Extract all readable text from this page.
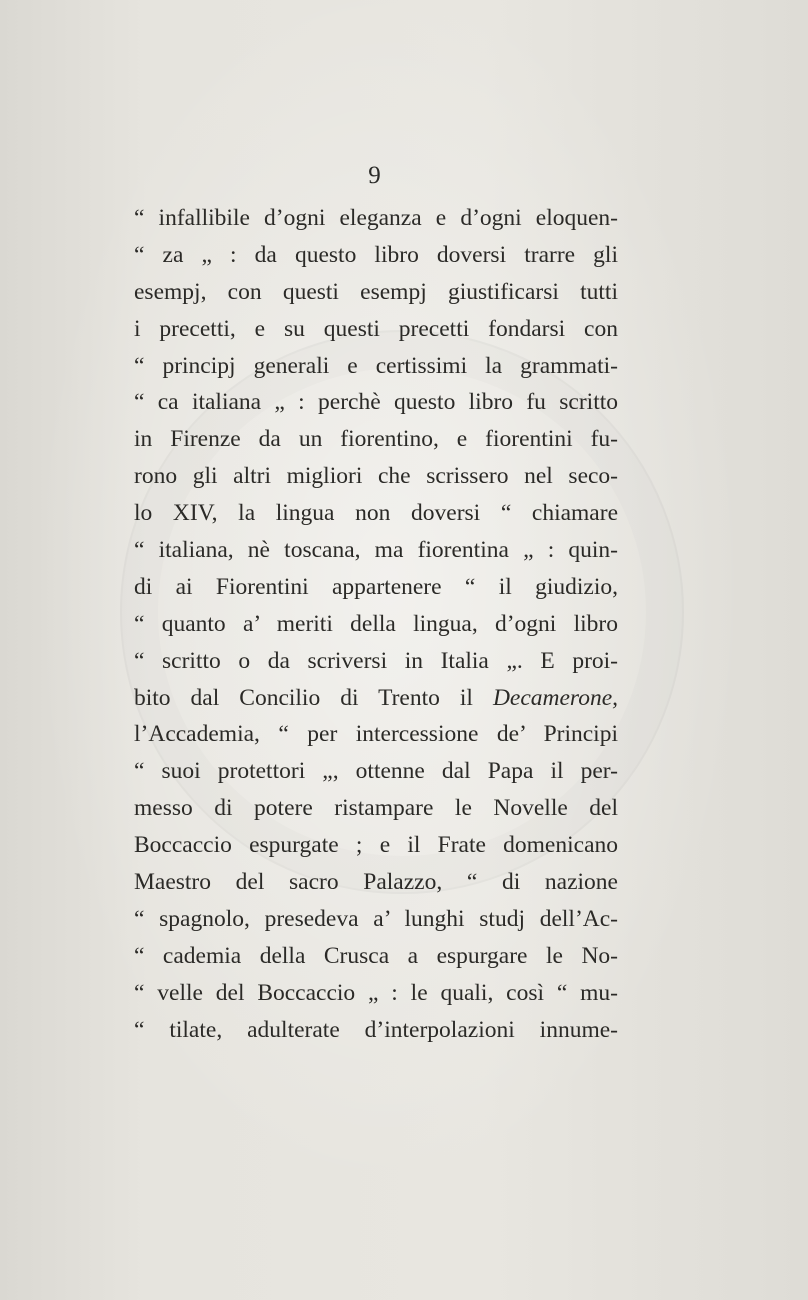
9
“ infallibile d’ogni eleganza e d’ogni eloquen-
“ za „ : da questo libro doversi trarre gli
esempj, con questi esempj giustificarsi tutti
i precetti, e su questi precetti fondarsi con
“ principj generali e certissimi la grammati-
“ ca italiana „ : perchè questo libro fu scritto
in Firenze da un fiorentino, e fiorentini fu-
rono gli altri migliori che scrissero nel seco-
lo XIV, la lingua non doversi “ chiamare
“ italiana, nè toscana, ma fiorentina „ : quin-
di ai Fiorentini appartenere “ il giudizio,
“ quanto a’ meriti della lingua, d’ogni libro
“ scritto o da scriversi in Italia „. E proi-
bito dal Concilio di Trento il Decamerone,
l’Accademia, “ per intercessione de’ Principi
“ suoi protettori „, ottenne dal Papa il per-
messo di potere ristampare le Novelle del
Boccaccio espurgate ; e il Frate domenicano
Maestro del sacro Palazzo, “ di nazione
“ spagnolo, presedeva a’ lunghi studj dell’Ac-
“ cademia della Crusca a espurgare le No-
“ velle del Boccaccio „ : le quali, così “ mu-
“ tilate, adulterate d’interpolazioni innume-
